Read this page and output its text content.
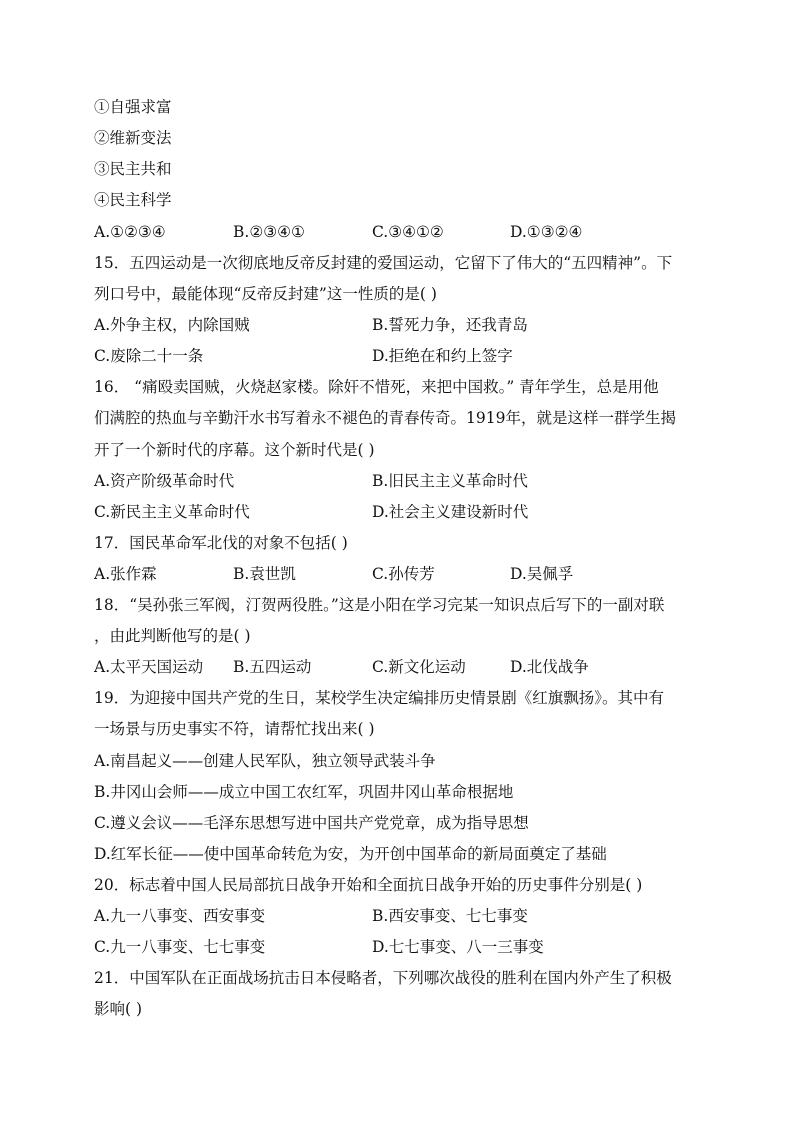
①自强求富
②维新变法
③民主共和
④民主科学
A.①②③④	B.②③④①	C.③④①②	D.①③②④
15．五四运动是一次彻底地反帝反封建的爱国运动，它留下了伟大的“五四精神”。下
列口号中，最能体现“反帝反封建”这一性质的是( )
A.外争主权，内除国贼	B.誓死力争，还我青岛
C.废除二十一条	D.拒绝在和约上签字
16． “痛殴卖国贼，火烧赵家楼。除奸不惜死，来把中国救。” 青年学生，总是用他
们满腔的热血与辛勤汗水书写着永不褪色的青春传奇。1919年，就是这样一群学生揭
开了一个新时代的序幕。这个新时代是( )
A.资产阶级革命时代	B.旧民主主义革命时代
C.新民主主义革命时代	D.社会主义建设新时代
17．国民革命军北伐的对象不包括( )
A.张作霖	B.袁世凯	C.孙传芳	D.吴佩孚
18．“吴孙张三军阀，汀贺两役胜。”这是小阳在学习完某一知识点后写下的一副对联
，由此判断他写的是( )
A.太平天国运动 B.五四运动	C.新文化运动	D.北伐战争
19．为迎接中国共产党的生日，某校学生决定编排历史情景剧《红旗飘扬》。其中有
一场景与历史事实不符，请帮忙找出来( )
A.南昌起义——创建人民军队，独立领导武装斗争
B.井冈山会师——成立中国工农红军，巩固井冈山革命根据地
C.遵义会议——毛泽东思想写进中国共产党党章，成为指导思想
D.红军长征——使中国革命转危为安，为开创中国革命的新局面奠定了基础
20．标志着中国人民局部抗日战争开始和全面抗日战争开始的历史事件分别是( )
A.九一八事变、西安事变	B.西安事变、七七事变
C.九一八事变、七七事变	D.七七事变、八一三事变
21．中国军队在正面战场抗击日本侵略者，下列哪次战役的胜利在国内外产生了积极
影响( )
